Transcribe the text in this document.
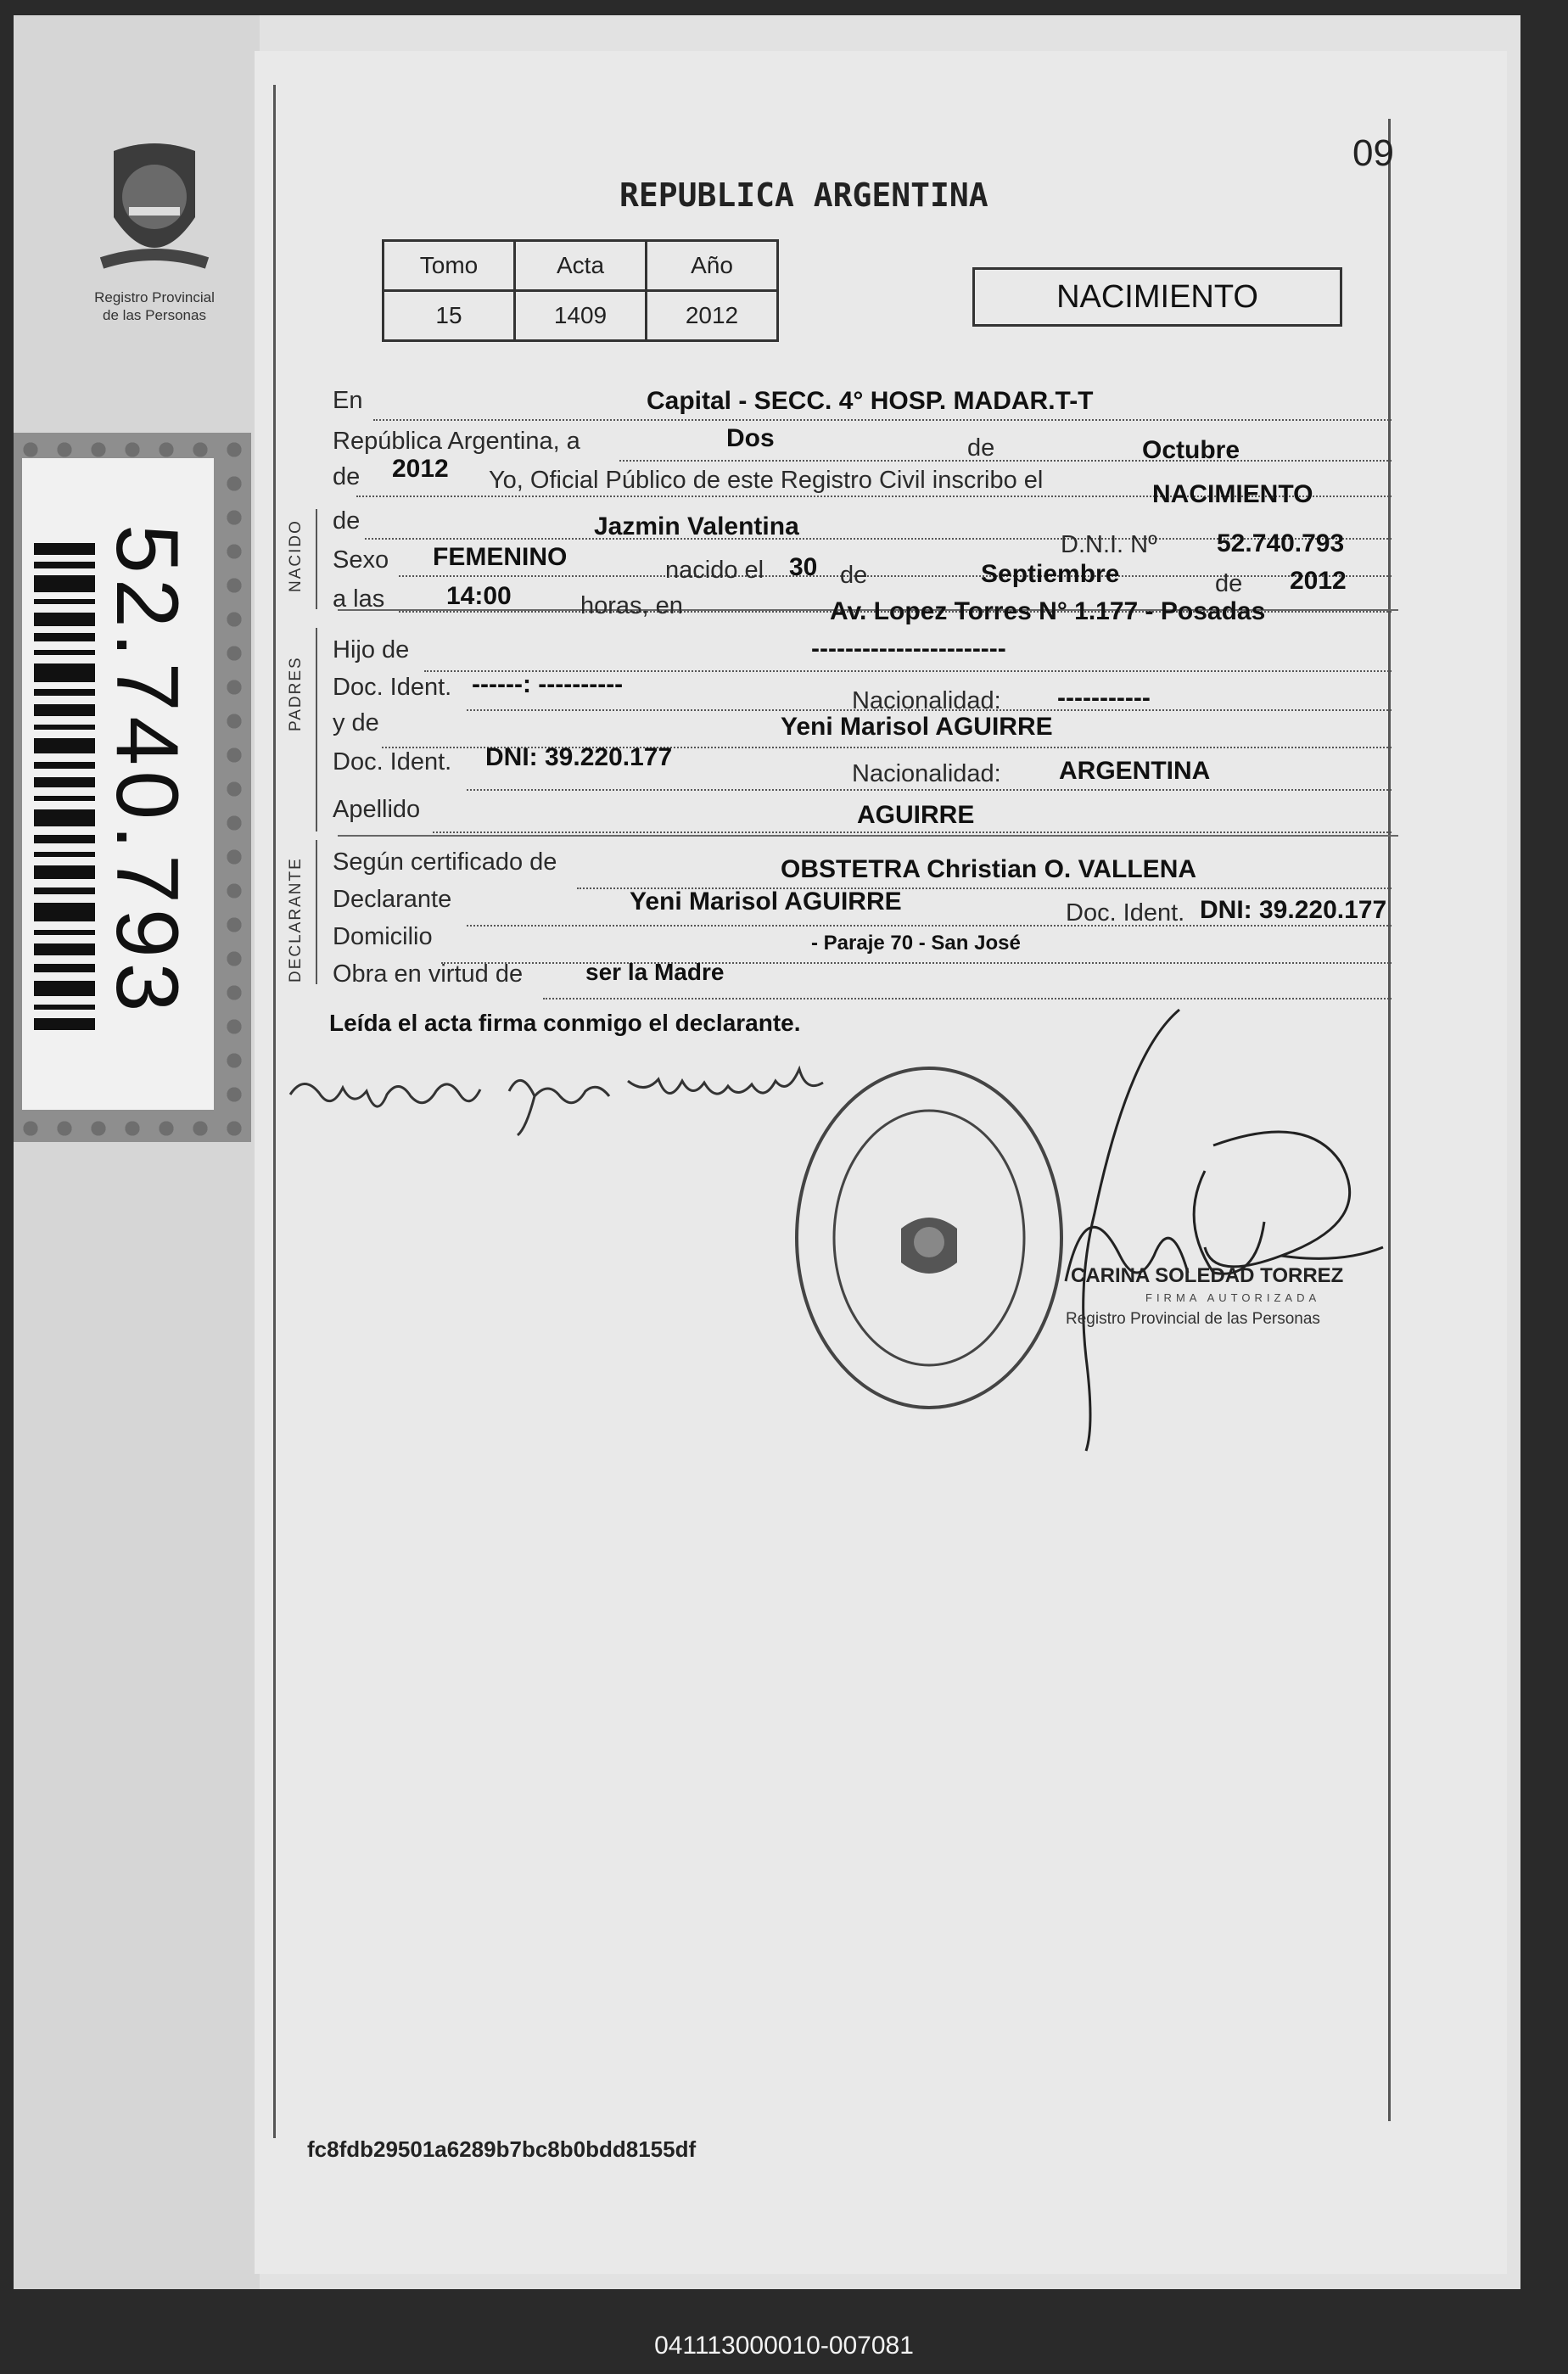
Registro Provincial
de las Personas
52.740.793
09
REPUBLICA ARGENTINA
Tomo	Acta	Año
15	1409	2012
NACIMIENTO
NACIDO
PADRES
DECLARANTE
En	Capital - SECC. 4° HOSP. MADAR.T-T
República Argentina, a	Dos	de	Octubre
de 2012 Yo, Oficial Público de este Registro Civil inscribo el	NACIMIENTO
de	Jazmin Valentina
D.N.I. Nº 52.740.793
Sexo FEMENINO	nacido el 30 de	Septiembre	de 2012
a las 14:00	horas, en	Av. Lopez Torres N° 1.177 - Posadas
Hijo de	-----------------------
Doc. Ident. ------: ----------
Nacionalidad: -----------
y de	Yeni Marisol AGUIRRE
Doc. Ident. DNI: 39.220.177
Nacionalidad: ARGENTINA
Apellido	AGUIRRE
Según certificado de	OBSTETRA Christian O. VALLENA
Declarante	Yeni Marisol AGUIRRE	Doc. Ident. DNI: 39.220.177
Domicilio	- Paraje 70 - San José
Obra en virtud de	ser la Madre
Leída el acta firma conmigo el declarante.
CARINA SOLEDAD TORREZ
FIRMA AUTORIZADA
Registro Provincial de las Personas
fc8fdb29501a6289b7bc8b0bdd8155df
041113000010-007081
